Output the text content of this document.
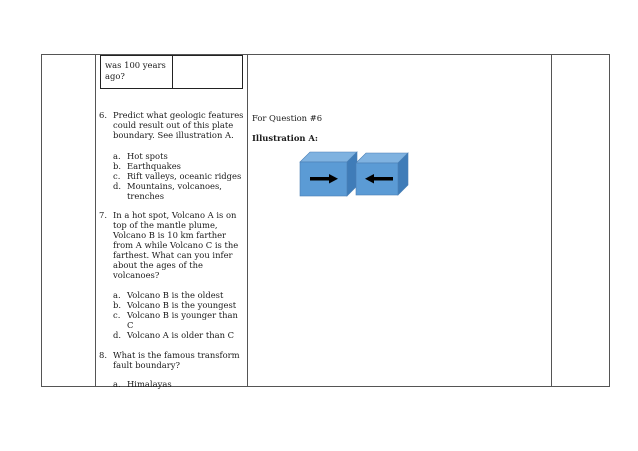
was 100 years
ago?
6. Predict what geologic features
could result out of this plate
boundary. See illustration A.
a. Hot spots
b. Earthquakes
c. Rift valleys, oceanic ridges
d. Mountains, volcanoes,
trenches
7. In a hot spot, Volcano A is on
top of the mantle plume,
Volcano B is 10 km farther
from A while Volcano C is the
farthest. What can you infer
about the ages of the
volcanoes?
a. Volcano B is the oldest
b. Volcano B is the youngest
c. Volcano B is younger than
C
d. Volcano A is older than C
8. What is the famous transform
fault boundary?
a. Himalayas
For Question #6
Illustration A:
